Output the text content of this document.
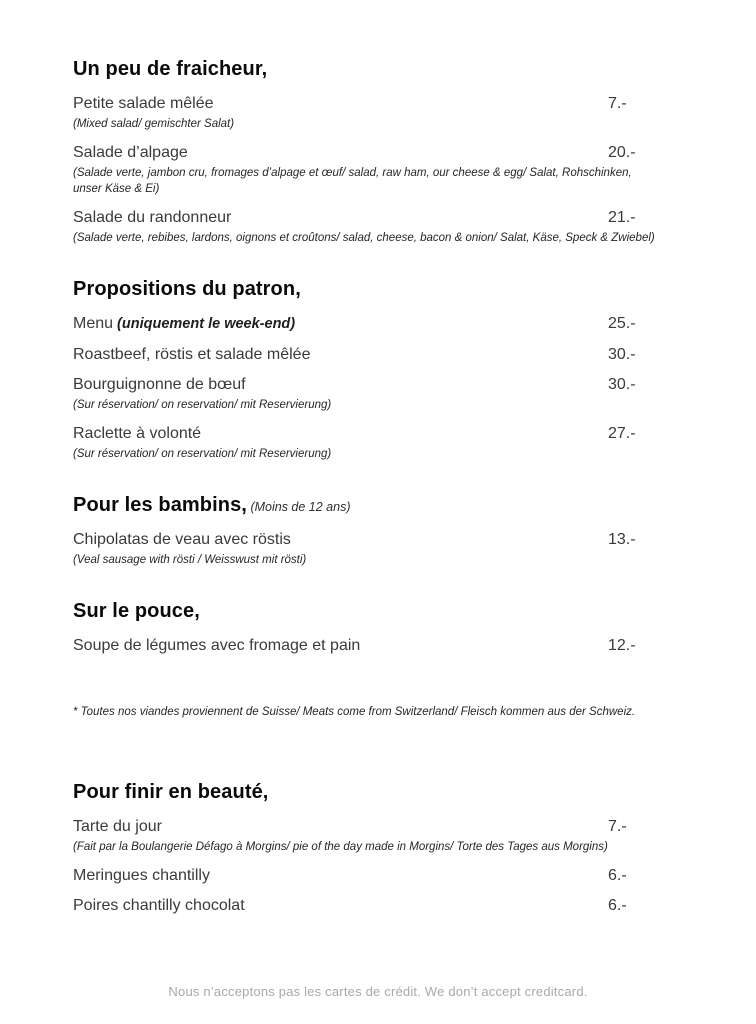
Un peu de fraicheur,
Petite salade mêlée	7.-
(Mixed salad/ gemischter Salat)
Salade d’alpage	20.-
(Salade verte, jambon cru, fromages d’alpage et œuf/ salad, raw ham, our cheese & egg/ Salat, Rohschinken, unser Käse & Ei)
Salade du randonneur	21.-
(Salade verte, rebibes, lardons, oignons et croûtons/ salad, cheese, bacon & onion/ Salat, Käse, Speck & Zwiebel)
Propositions du patron,
Menu (uniquement le week-end)	25.-
Roastbeef, röstis et salade mêlée	30.-
Bourguignonne de bœuf	30.-
(Sur réservation/ on reservation/ mit Reservierung)
Raclette à volonté	27.-
(Sur réservation/ on reservation/ mit Reservierung)
Pour les bambins, (Moins de 12 ans)
Chipolatas de veau avec röstis	13.-
(Veal sausage with rösti / Weisswust mit rösti)
Sur le pouce,
Soupe de légumes avec fromage et pain	12.-

* Toutes nos viandes proviennent de Suisse/ Meats come from Switzerland/ Fleisch kommen aus der Schweiz.

Pour finir en beauté,
Tarte du jour	7.-
(Fait par la Boulangerie Défago à Morgins/ pie of the day made in Morgins/ Torte des Tages aus Morgins)
Meringues chantilly	6.-
Poires chantilly chocolat	6.-
Nous n’acceptons pas les cartes de crédit. We don’t accept creditcard.
